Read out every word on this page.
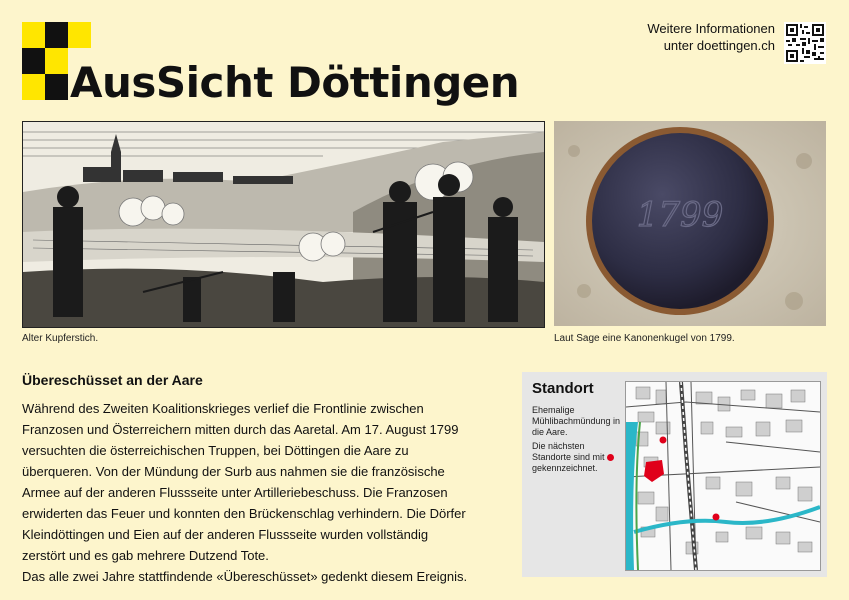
AusSicht Döttingen
Weitere Informationen
unter doettingen.ch
Alter Kupferstich.
1799
Laut Sage eine Kanonenkugel von 1799.
Übereschüsset an der Aare

Während des Zweiten Koalitionskrieges verlief die Frontlinie zwischen Franzosen und Österreichern mitten durch das Aaretal. Am 17. August 1799 versuchten die österreichischen Truppen, bei Döttingen die Aare zu überqueren. Von der Mündung der Surb aus nahmen sie die französische Armee auf der anderen Flussseite unter Artilleriebeschuss. Die Franzosen erwiderten das Feuer und konnten den Brückenschlag verhindern. Die Dörfer Kleindöttingen und Eien auf der anderen Flussseite wurden vollständig zerstört und es gab mehrere Dutzend Tote.

Das alle zwei Jahre stattfindende «Übereschüsset» gedenkt diesem Ereignis.

Standort

Ehemalige Mühlibachmündung in die Aare.

Die nächsten Standorte sind mit  gekennzeichnet.
